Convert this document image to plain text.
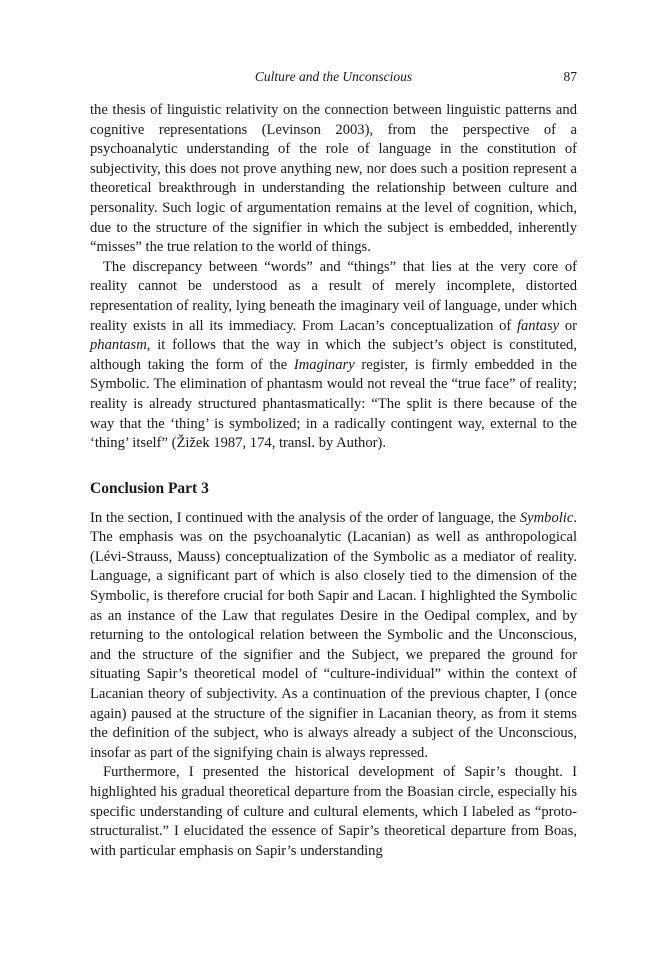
Culture and the Unconscious	87

the thesis of linguistic relativity on the connection between linguistic patterns and cognitive representations (Levinson 2003), from the perspective of a psychoanalytic understanding of the role of language in the constitution of subjectivity, this does not prove anything new, nor does such a position represent a theoretical breakthrough in understanding the relationship between culture and personality. Such logic of argumentation remains at the level of cognition, which, due to the structure of the signifier in which the subject is embedded, inherently “misses” the true relation to the world of things.

The discrepancy between “words” and “things” that lies at the very core of reality cannot be understood as a result of merely incomplete, distorted representation of reality, lying beneath the imaginary veil of language, under which reality exists in all its immediacy. From Lacan’s conceptualization of fantasy or phantasm, it follows that the way in which the subject’s object is constituted, although taking the form of the Imaginary register, is firmly embedded in the Symbolic. The elimination of phantasm would not reveal the “true face” of reality; reality is already structured phantasmatically: “The split is there because of the way that the ‘thing’ is symbolized; in a radically contingent way, external to the ‘thing’ itself” (Žižek 1987, 174, transl. by Author).

Conclusion Part 3

In the section, I continued with the analysis of the order of language, the Symbolic. The emphasis was on the psychoanalytic (Lacanian) as well as anthropological (Lévi-Strauss, Mauss) conceptualization of the Symbolic as a mediator of reality. Language, a significant part of which is also closely tied to the dimension of the Symbolic, is therefore crucial for both Sapir and Lacan. I highlighted the Symbolic as an instance of the Law that regulates Desire in the Oedipal complex, and by returning to the ontological relation between the Symbolic and the Unconscious, and the structure of the signifier and the Subject, we prepared the ground for situating Sapir’s theoretical model of “culture-individual” within the context of Lacanian theory of subjectivity. As a continuation of the previous chapter, I (once again) paused at the structure of the signifier in Lacanian theory, as from it stems the definition of the subject, who is always already a subject of the Unconscious, insofar as part of the signifying chain is always repressed.

Furthermore, I presented the historical development of Sapir’s thought. I highlighted his gradual theoretical departure from the Boasian circle, especially his specific understanding of culture and cultural elements, which I labeled as “proto-structuralist.” I elucidated the essence of Sapir’s theoretical departure from Boas, with particular emphasis on Sapir’s understanding
